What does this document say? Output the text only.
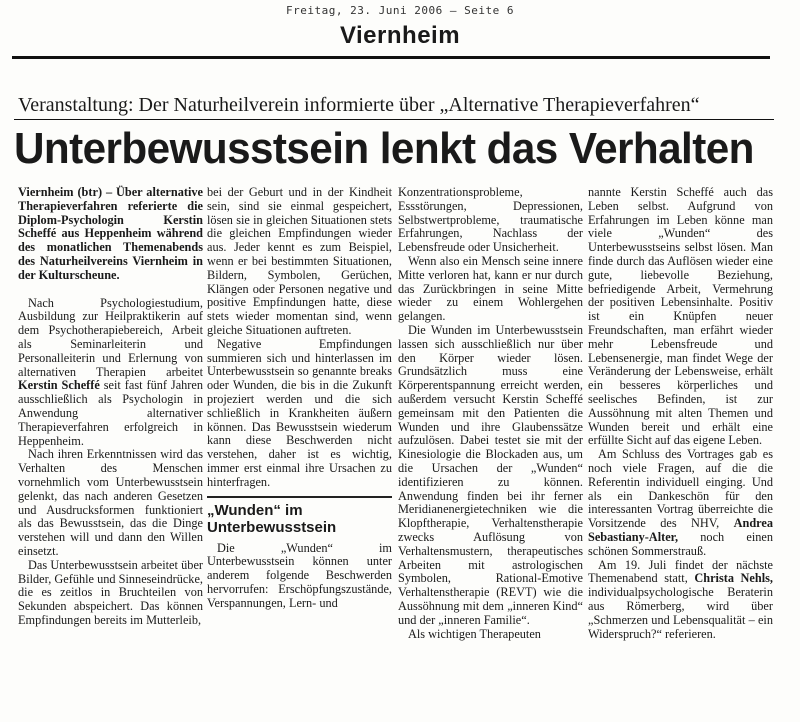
Freitag, 23. Juni 2006 – Seite 6
Viernheim
Veranstaltung: Der Naturheilverein informierte über „Alternative Therapieverfahren“
Unterbewusstsein lenkt das Verhalten

Viernheim (btr) – Über alternative Therapieverfahren referierte die Diplom-Psychologin Kerstin Scheffé aus Heppenheim während des monatlichen Themenabends des Naturheilvereins Viernheim in der Kulturscheune.

Nach Psychologiestudium, Ausbildung zur Heilpraktikerin auf dem Psychotherapiebereich, Arbeit als Seminarleiterin und Personalleiterin und Erlernung von alternativen Therapien arbeitet Kerstin Scheffé seit fast fünf Jahren ausschließlich als Psychologin in Anwendung alternativer Therapieverfahren erfolgreich in Heppenheim.

Nach ihren Erkenntnissen wird das Verhalten des Menschen vornehmlich vom Unterbewusstsein gelenkt, das nach anderen Gesetzen und Ausdrucksformen funktioniert als das Bewusstsein, das die Dinge verstehen will und dann den Willen einsetzt.

Das Unterbewusstsein arbeitet über Bilder, Gefühle und Sinneseindrücke, die es zeitlos in Bruchteilen von Sekunden abspeichert. Das können Empfindungen bereits im Mutterleib,

bei der Geburt und in der Kindheit sein, sind sie einmal gespeichert, lösen sie in gleichen Situationen stets die gleichen Empfindungen wieder aus. Jeder kennt es zum Beispiel, wenn er bei bestimmten Situationen, Bildern, Symbolen, Gerüchen, Klängen oder Personen negative und positive Empfindungen hatte, diese stets wieder momentan sind, wenn gleiche Situationen auftreten.

Negative Empfindungen summieren sich und hinterlassen im Unterbewusstsein so genannte breaks oder Wunden, die bis in die Zukunft projeziert werden und die sich schließlich in Krankheiten äußern können. Das Bewusstsein wiederum kann diese Beschwerden nicht verstehen, daher ist es wichtig, immer erst einmal ihre Ursachen zu hinterfragen.

„Wunden“ im Unterbewusstsein

Die „Wunden“ im Unterbewusstsein können unter anderem folgende Beschwerden hervorrufen: Erschöpfungszustände, Verspannungen, Lern- und

Konzentrationsprobleme, Essstörungen, Depressionen, Selbstwertprobleme, traumatische Erfahrungen, Nachlass der Lebensfreude oder Unsicherheit.

Wenn also ein Mensch seine innere Mitte verloren hat, kann er nur durch das Zurückbringen in seine Mitte wieder zu einem Wohlergehen gelangen.

Die Wunden im Unterbewusstsein lassen sich ausschließlich nur über den Körper wieder lösen. Grundsätzlich muss eine Körperentspannung erreicht werden, außerdem versucht Kerstin Scheffé gemeinsam mit den Patienten die Wunden und ihre Glaubenssätze aufzulösen. Dabei testet sie mit der Kinesiologie die Blockaden aus, um die Ursachen der „Wunden“ identifizieren zu können. Anwendung finden bei ihr ferner Meridianenergietechniken wie die Klopftherapie, Verhaltenstherapie zwecks Auflösung von Verhaltensmustern, therapeutisches Arbeiten mit astrologischen Symbolen, Rational-Emotive Verhaltenstherapie (REVT) wie die Aussöhnung mit dem „inneren Kind“ und der „inneren Familie“.

Als wichtigen Therapeuten

nannte Kerstin Scheffé auch das Leben selbst. Aufgrund von Erfahrungen im Leben könne man viele „Wunden“ des Unterbewusstseins selbst lösen. Man finde durch das Auflösen wieder eine gute, liebevolle Beziehung, befriedigende Arbeit, Vermehrung der positiven Lebensinhalte. Positiv ist ein Knüpfen neuer Freundschaften, man erfährt wieder mehr Lebensfreude und Lebensenergie, man findet Wege der Veränderung der Lebensweise, erhält ein besseres körperliches und seelisches Befinden, ist zur Aussöhnung mit alten Themen und Wunden bereit und erhält eine erfüllte Sicht auf das eigene Leben.

Am Schluss des Vortrages gab es noch viele Fragen, auf die die Referentin individuell einging. Und als ein Dankeschön für den interessanten Vortrag überreichte die Vorsitzende des NHV, Andrea Sebastiany-Alter, noch einen schönen Sommerstrauß.

Am 19. Juli findet der nächste Themenabend statt, Christa Nehls, individualpsychologische Beraterin aus Römerberg, wird über „Schmerzen und Lebensqualität – ein Widerspruch?“ referieren.
